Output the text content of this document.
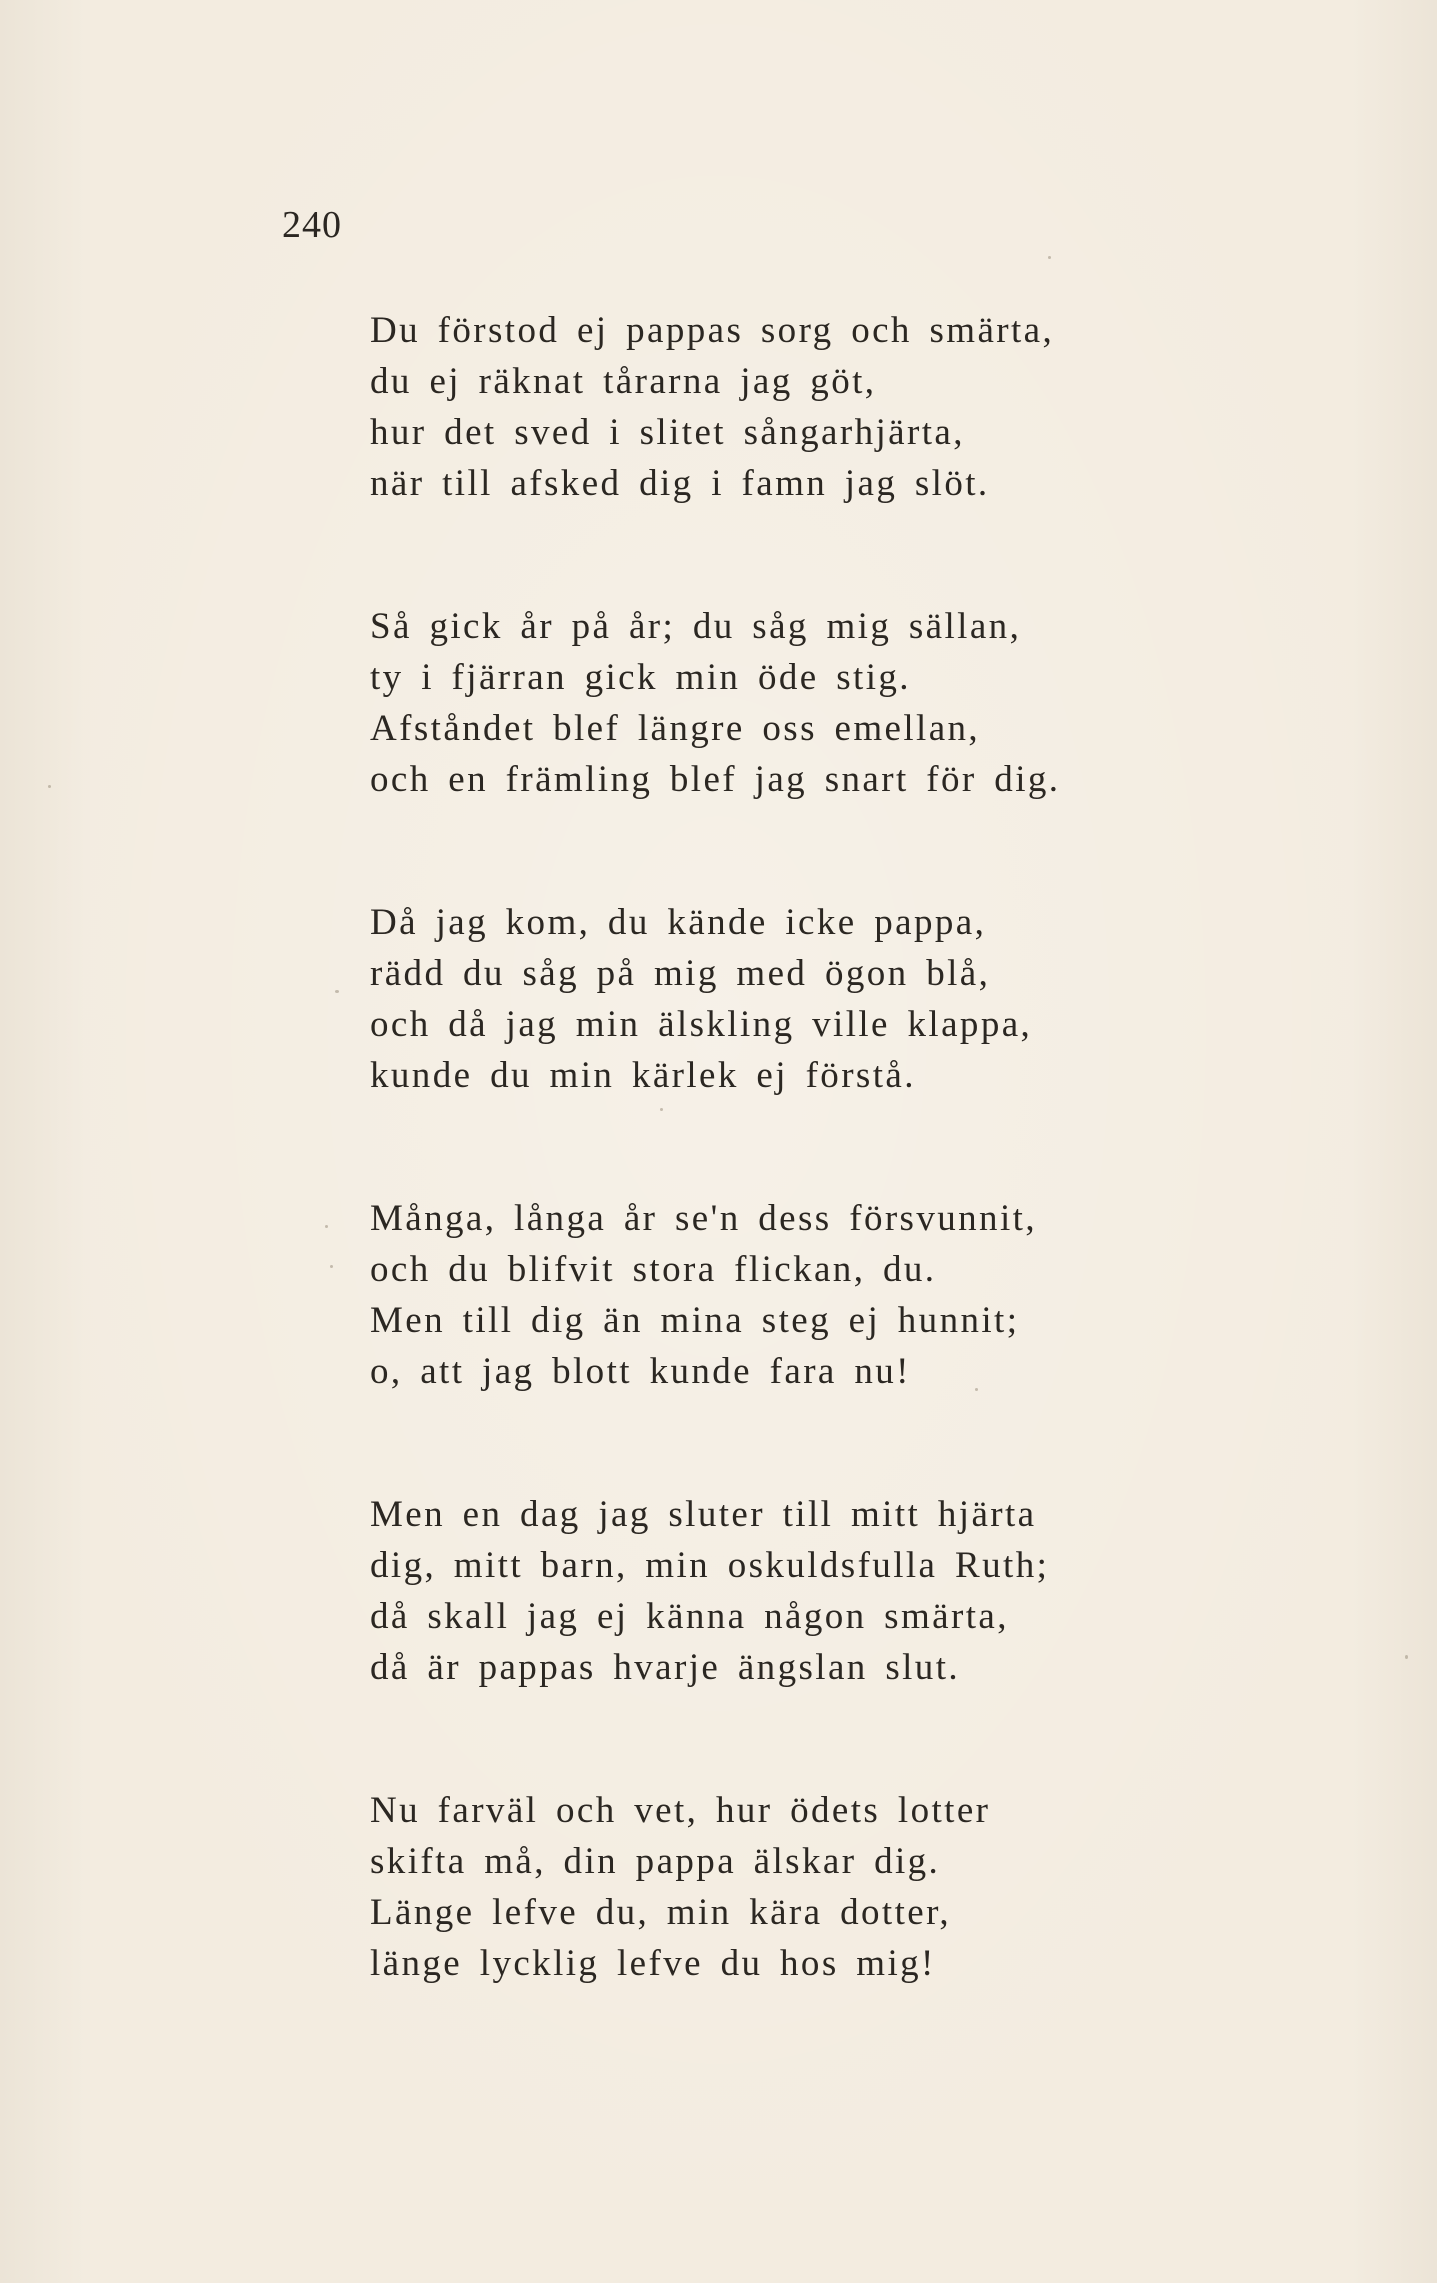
240
Du förstod ej pappas sorg och smärta,
du ej räknat tårarna jag göt,
hur det sved i slitet sångarhjärta,
när till afsked dig i famn jag slöt.
Så gick år på år; du såg mig sällan,
ty i fjärran gick min öde stig.
Afståndet blef längre oss emellan,
och en främling blef jag snart för dig.
Då jag kom, du kände icke pappa,
rädd du såg på mig med ögon blå,
och då jag min älskling ville klappa,
kunde du min kärlek ej förstå.
Många, långa år se'n dess försvunnit,
och du blifvit stora flickan, du.
Men till dig än mina steg ej hunnit;
o, att jag blott kunde fara nu!
Men en dag jag sluter till mitt hjärta
dig, mitt barn, min oskuldsfulla Ruth;
då skall jag ej känna någon smärta,
då är pappas hvarje ängslan slut.
Nu farväl och vet, hur ödets lotter
skifta må, din pappa älskar dig.
Länge lefve du, min kära dotter,
länge lycklig lefve du hos mig!
